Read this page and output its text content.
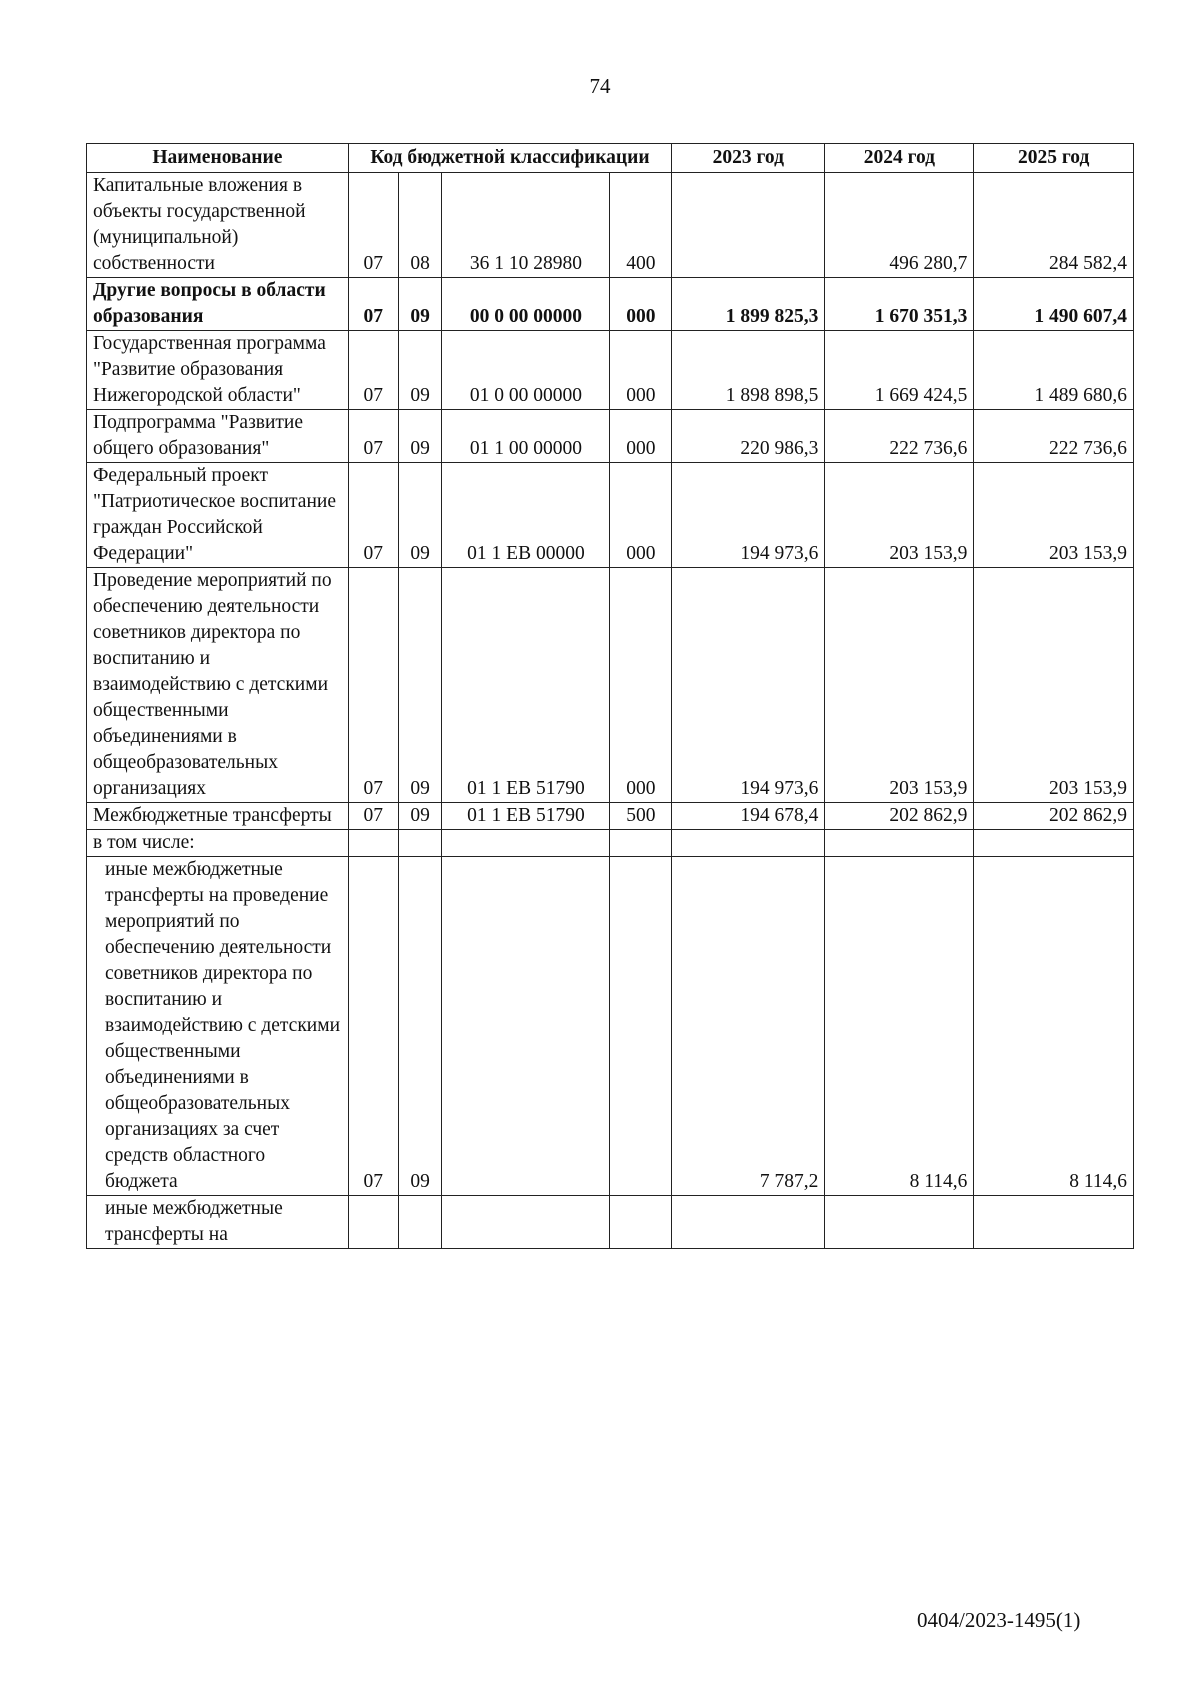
74
Наименование	Код бюджетной классификации				2023 год	2024 год	2025 год
Капитальные вложения в объекты государственной (муниципальной) собственности	07	08	36 1 10 28980	400		496 280,7	284 582,4
Другие вопросы в области образования	07	09	00 0 00 00000	000	1 899 825,3	1 670 351,3	1 490 607,4
Государственная программа "Развитие образования Нижегородской области"	07	09	01 0 00 00000	000	1 898 898,5	1 669 424,5	1 489 680,6
Подпрограмма "Развитие общего образования"	07	09	01 1 00 00000	000	220 986,3	222 736,6	222 736,6
Федеральный проект "Патриотическое воспитание граждан Российской Федерации"	07	09	01 1 ЕВ 00000	000	194 973,6	203 153,9	203 153,9
Проведение мероприятий по обеспечению деятельности советников директора по воспитанию и взаимодействию с детскими общественными объединениями в общеобразовательных организациях	07	09	01 1 ЕВ 51790	000	194 973,6	203 153,9	203 153,9
Межбюджетные трансферты	07	09	01 1 ЕВ 51790	500	194 678,4	202 862,9	202 862,9
в том числе:							
иные межбюджетные трансферты на проведение мероприятий по обеспечению деятельности советников директора по воспитанию и взаимодействию с детскими общественными объединениями в общеобразовательных организациях за счет средств областного бюджета	07	09			7 787,2	8 114,6	8 114,6
иные межбюджетные трансферты на							
0404/2023-1495(1)
